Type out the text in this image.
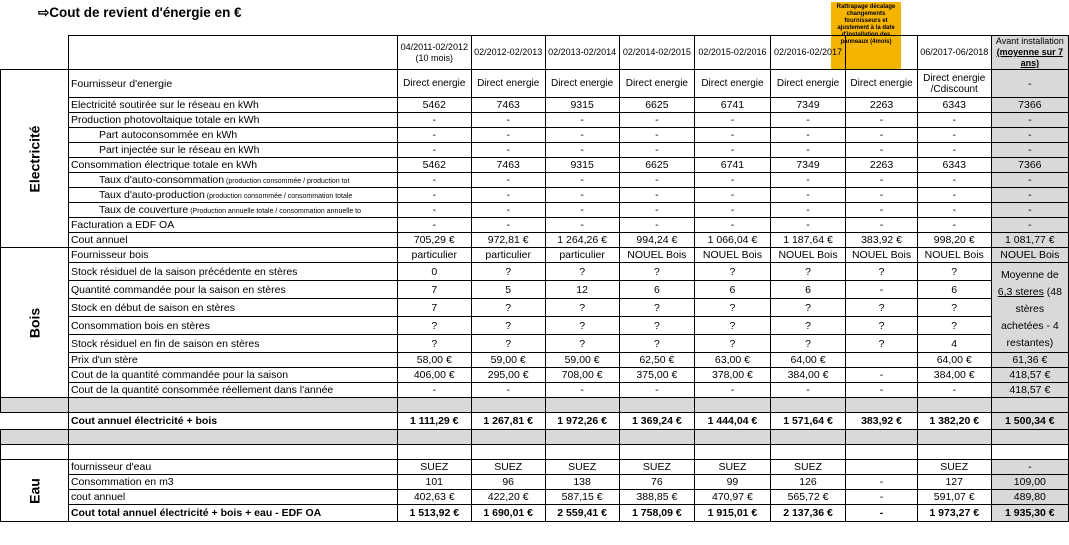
⇨Cout de revient d'énergie en €	Rattrapage décalage changements fournisseurs et ajustement à la date d'installation des panneaux (4mois)
		04/2011-02/2012 (10 mois)	02/2012-02/2013	02/2013-02/2014	02/2014-02/2015	02/2015-02/2016	02/2016-02/2017		06/2017-06/2018	Avant installation
(moyenne sur 7 ans)

Electricité	Fournisseur d'energie	Direct energie	Direct energie	Direct energie	Direct energie	Direct energie	Direct energie	Direct energie	Direct energie /Cdiscount	-
	Electricité soutirée sur le réseau en kWh	5462	7463	9315	6625	6741	7349	2263	6343	7366
	Production photovoltaique totale en kWh	-	-	-	-	-	-	-	-	-
	Part autoconsommée en kWh	-	-	-	-	-	-	-	-	-
	Part injectée sur le réseau en kWh	-	-	-	-	-	-	-	-	-
	Consommation électrique totale en kWh	5462	7463	9315	6625	6741	7349	2263	6343	7366
	Taux d'auto-consommation (production consommée / production tot	-	-	-	-	-	-	-	-	-
	Taux d'auto-production (production consommée / consommation totale	-	-	-	-	-	-	-	-	-
	Taux de couverture (Production annuelle totale / consommation annuelle to	-	-	-	-	-	-	-	-	-
	Facturation a EDF OA	-	-	-	-	-	-	-	-	-
	Cout annuel	705,29 €	972,81 €	1 264,26 €	994,24 €	1 066,04 €	1 187,64 €	383,92 €	998,20 €	1 081,77 €

Bois	Fournisseur bois	particulier	particulier	particulier	NOUEL Bois	NOUEL Bois	NOUEL Bois	NOUEL Bois	NOUEL Bois	NOUEL Bois
	Stock résiduel de la saison précédente en stères	0	?	?	?	?	?	?	?	Moyenne de 6,3 steres (48 stères achetées - 4 restantes)
	Quantité commandée pour la saison en stères	7	5	12	6	6	6	-	6	
	Stock en début de saison en stères	7	?	?	?	?	?	?	?	
	Consommation bois en stères	?	?	?	?	?	?	?	?	
	Stock résiduel en fin de saison en stères	?	?	?	?	?	?	?	4	
	Prix d'un stère	58,00 €	59,00 €	59,00 €	62,50 €	63,00 €	64,00 €		64,00 €	61,36 €
	Cout de la quantité commandée pour la saison	406,00 €	295,00 €	708,00 €	375,00 €	378,00 €	384,00 €	-	384,00 €	418,57 €
	Cout de la quantité consommée réellement dans l'année	-	-	-	-	-	-	-	-	418,57 €

	Cout annuel électricité + bois	1 111,29 €	1 267,81 €	1 972,26 €	1 369,24 €	1 444,04 €	1 571,64 €	383,92 €	1 382,20 €	1 500,34 €

Eau	fournisseur d'eau	SUEZ	SUEZ	SUEZ	SUEZ	SUEZ	SUEZ		SUEZ	-
	Consommation en m3	101	96	138	76	99	126	-	127	109,00
	cout annuel	402,63 €	422,20 €	587,15 €	388,85 €	470,97 €	565,72 €	-	591,07 €	489,80
	Cout total annuel électricité + bois + eau - EDF OA	1 513,92 €	1 690,01 €	2 559,41 €	1 758,09 €	1 915,01 €	2 137,36 €	-	1 973,27 €	1 935,30 €
